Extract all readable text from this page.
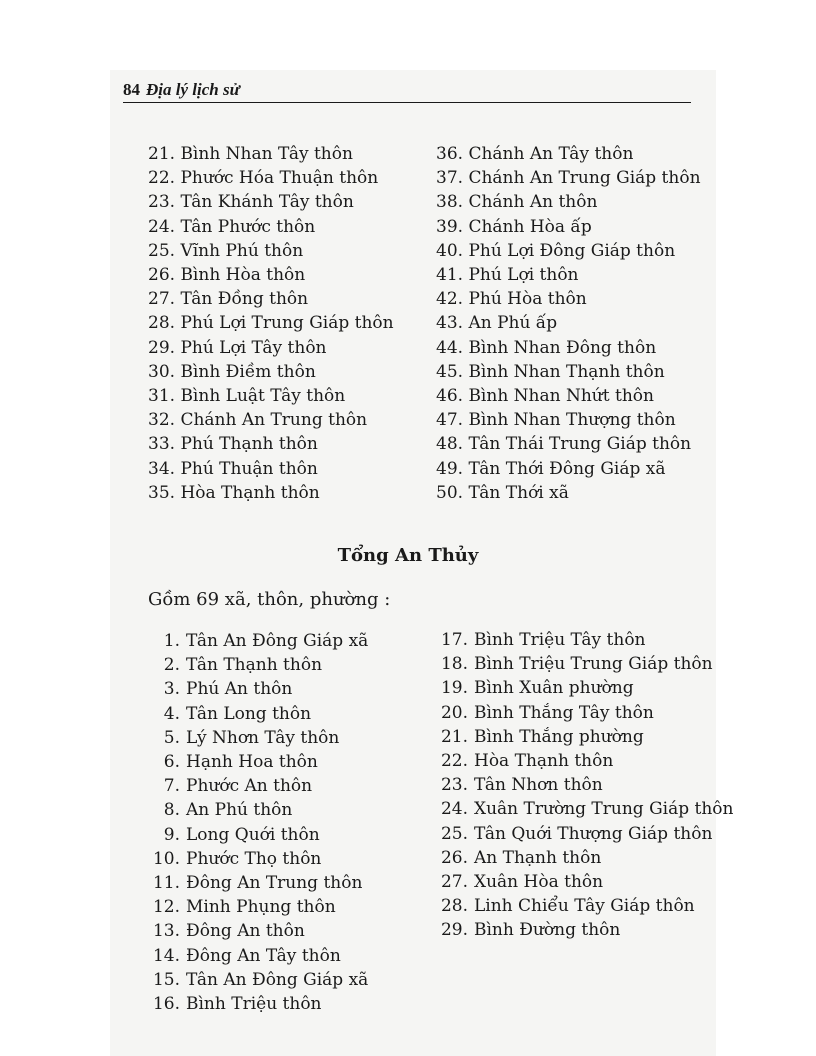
84 Địa lý lịch sử
21. Bình Nhan Tây thôn
22. Phước Hóa Thuận thôn
23. Tân Khánh Tây thôn
24. Tân Phước thôn
25. Vĩnh Phú thôn
26. Bình Hòa thôn
27. Tân Đồng thôn
28. Phú Lợi Trung Giáp thôn
29. Phú Lợi Tây thôn
30. Bình Điềm thôn
31. Bình Luật Tây thôn
32. Chánh An Trung thôn
33. Phú Thạnh thôn
34. Phú Thuận thôn
35. Hòa Thạnh thôn
36. Chánh An Tây thôn
37. Chánh An Trung Giáp thôn
38. Chánh An thôn
39. Chánh Hòa ấp
40. Phú Lợi Đông Giáp thôn
41. Phú Lợi thôn
42. Phú Hòa thôn
43. An Phú ấp
44. Bình Nhan Đông thôn
45. Bình Nhan Thạnh thôn
46. Bình Nhan Nhứt thôn
47. Bình Nhan Thượng thôn
48. Tân Thái Trung Giáp thôn
49. Tân Thới Đông Giáp xã
50. Tân Thới xã
Tổng An Thủy
Gồm 69 xã, thôn, phường :
1. Tân An Đông Giáp xã
2. Tân Thạnh thôn
3. Phú An thôn
4. Tân Long thôn
5. Lý Nhơn Tây thôn
6. Hạnh Hoa thôn
7. Phước An thôn
8. An Phú thôn
9. Long Quới thôn
10. Phước Thọ thôn
11. Đông An Trung thôn
12. Minh Phụng thôn
13. Đông An thôn
14. Đông An Tây thôn
15. Tân An Đông Giáp xã
16. Bình Triệu thôn
17. Bình Triệu Tây thôn
18. Bình Triệu Trung Giáp thôn
19. Bình Xuân phường
20. Bình Thắng Tây thôn
21. Bình Thắng phường
22. Hòa Thạnh thôn
23. Tân Nhơn thôn
24. Xuân Trường Trung Giáp thôn
25. Tân Quới Thượng Giáp thôn
26. An Thạnh thôn
27. Xuân Hòa thôn
28. Linh Chiểu Tây Giáp thôn
29. Bình Đường thôn
